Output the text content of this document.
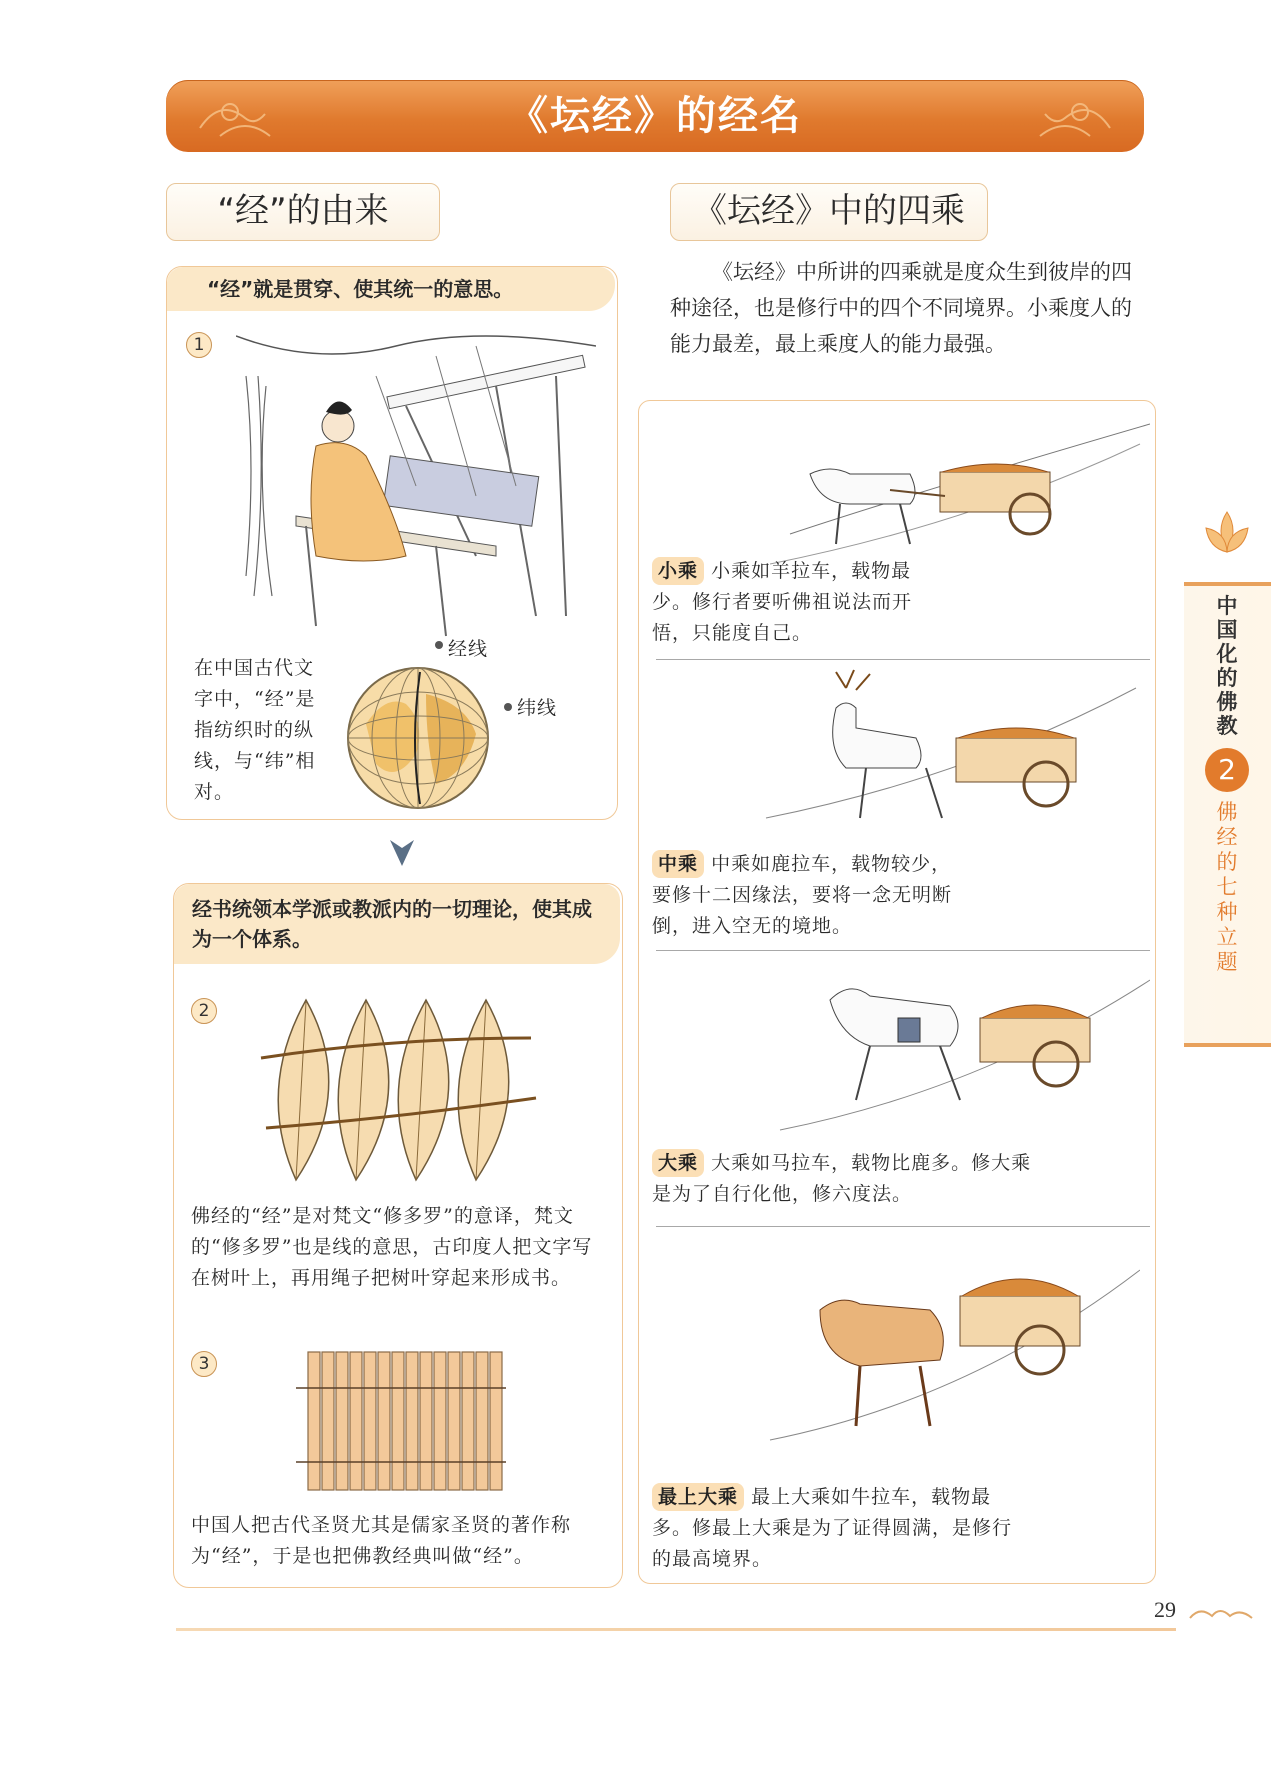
《坛经》的经名
“经”的由来
“经”就是贯穿、使其统一的意思。
1
在中国古代文字中，“经”是指纺织时的纵线，与“纬”相对。
经线
纬线
经书统领本学派或教派内的一切理论，使其成为一个体系。
2
佛经的“经”是对梵文“修多罗”的意译，梵文的“修多罗”也是线的意思，古印度人把文字写在树叶上，再用绳子把树叶穿起来形成书。
3
中国人把古代圣贤尤其是儒家圣贤的著作称为“经”，于是也把佛教经典叫做“经”。
《坛经》中的四乘
《坛经》中所讲的四乘就是度众生到彼岸的四种途径，也是修行中的四个不同境界。小乘度人的能力最差，最上乘度人的能力最强。
小乘 小乘如羊拉车，载物最少。修行者要听佛祖说法而开悟，只能度自己。
中乘 中乘如鹿拉车，载物较少，要修十二因缘法，要将一念无明断倒，进入空无的境地。
大乘 大乘如马拉车，载物比鹿多。修大乘是为了自行化他，修六度法。
最上大乘 最上大乘如牛拉车，载物最多。修最上大乘是为了证得圆满，是修行的最高境界。
中国化的佛教
2
佛经的七种立题
29
